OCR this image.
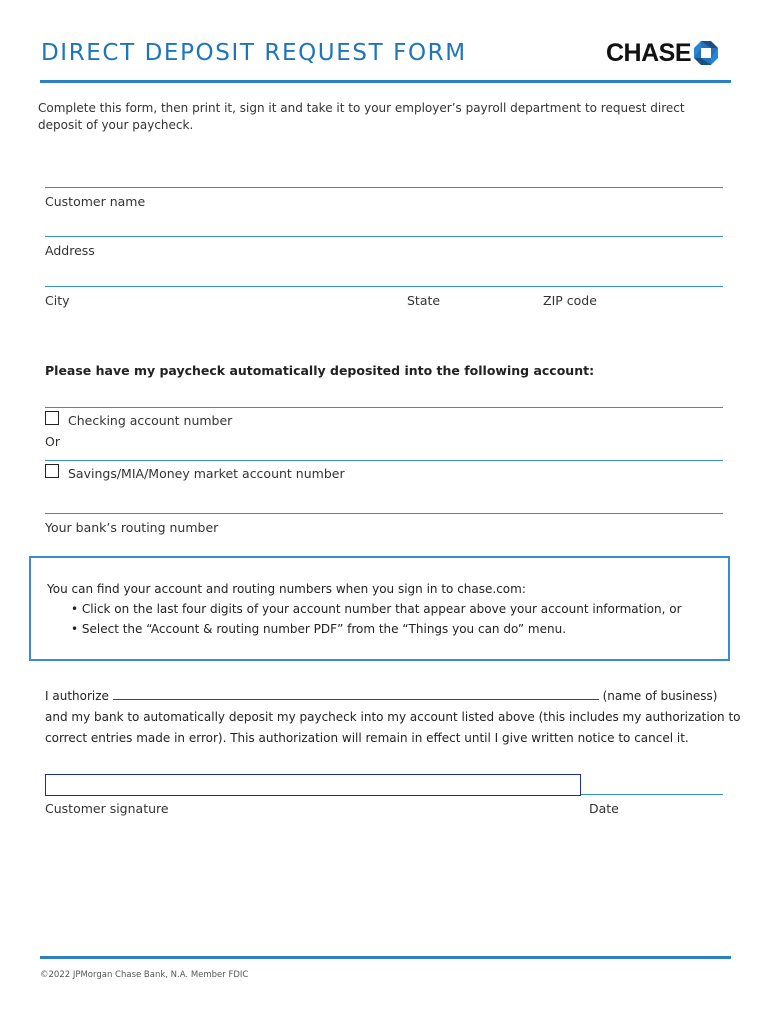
DIRECT DEPOSIT REQUEST FORM	CHASE

Complete this form, then print it, sign it and take it to your employer’s payroll department to request direct deposit of your paycheck.

Customer name
Address
City	State	ZIP code
Please have my paycheck automatically deposited into the following account:
Checking account number
Or
Savings/MIA/Money market account number
Your bank’s routing number
You can find your account and routing numbers when you sign in to chase.com:
• Click on the last four digits of your account number that appear above your account information, or
• Select the “Account & routing number PDF” from the “Things you can do” menu.
I authorize	(name of business)
and my bank to automatically deposit my paycheck into my account listed above (this includes my authorization to
correct entries made in error). This authorization will remain in effect until I give written notice to cancel it.
Customer signature	Date
©2022 JPMorgan Chase Bank, N.A. Member FDIC
